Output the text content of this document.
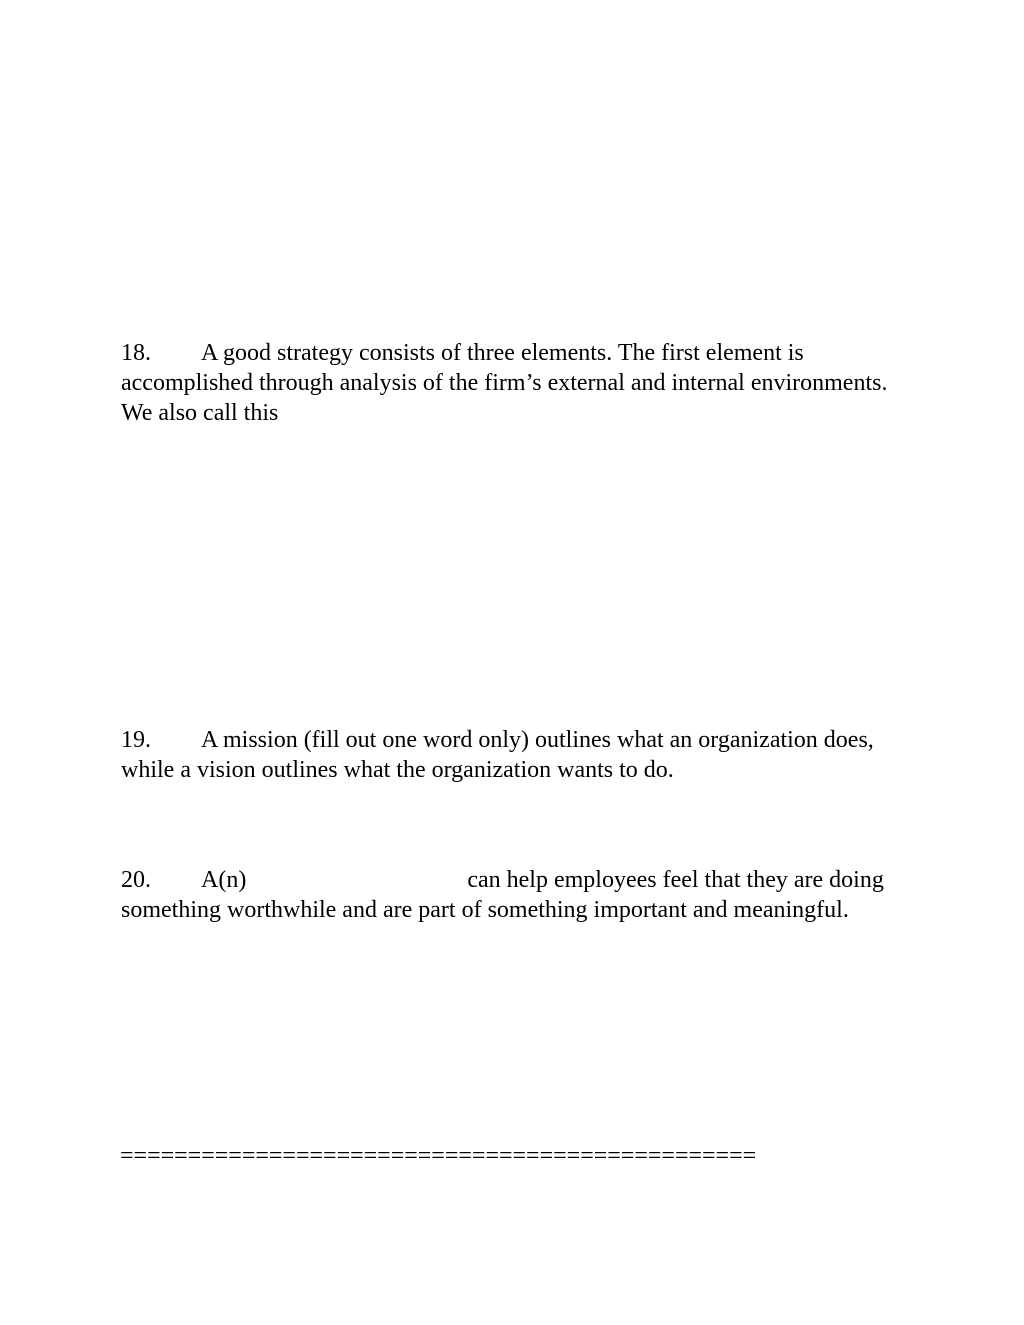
18. A good strategy consists of three elements. The first element is accomplished through analysis of the firm’s external and internal environments. We also call this

19. A mission (fill out one word only) outlines what an organization does, while a vision outlines what the organization wants to do.

20. A(n)	can help employees feel that they are doing something worthwhile and are part of something important and meaningful.

===============================================
